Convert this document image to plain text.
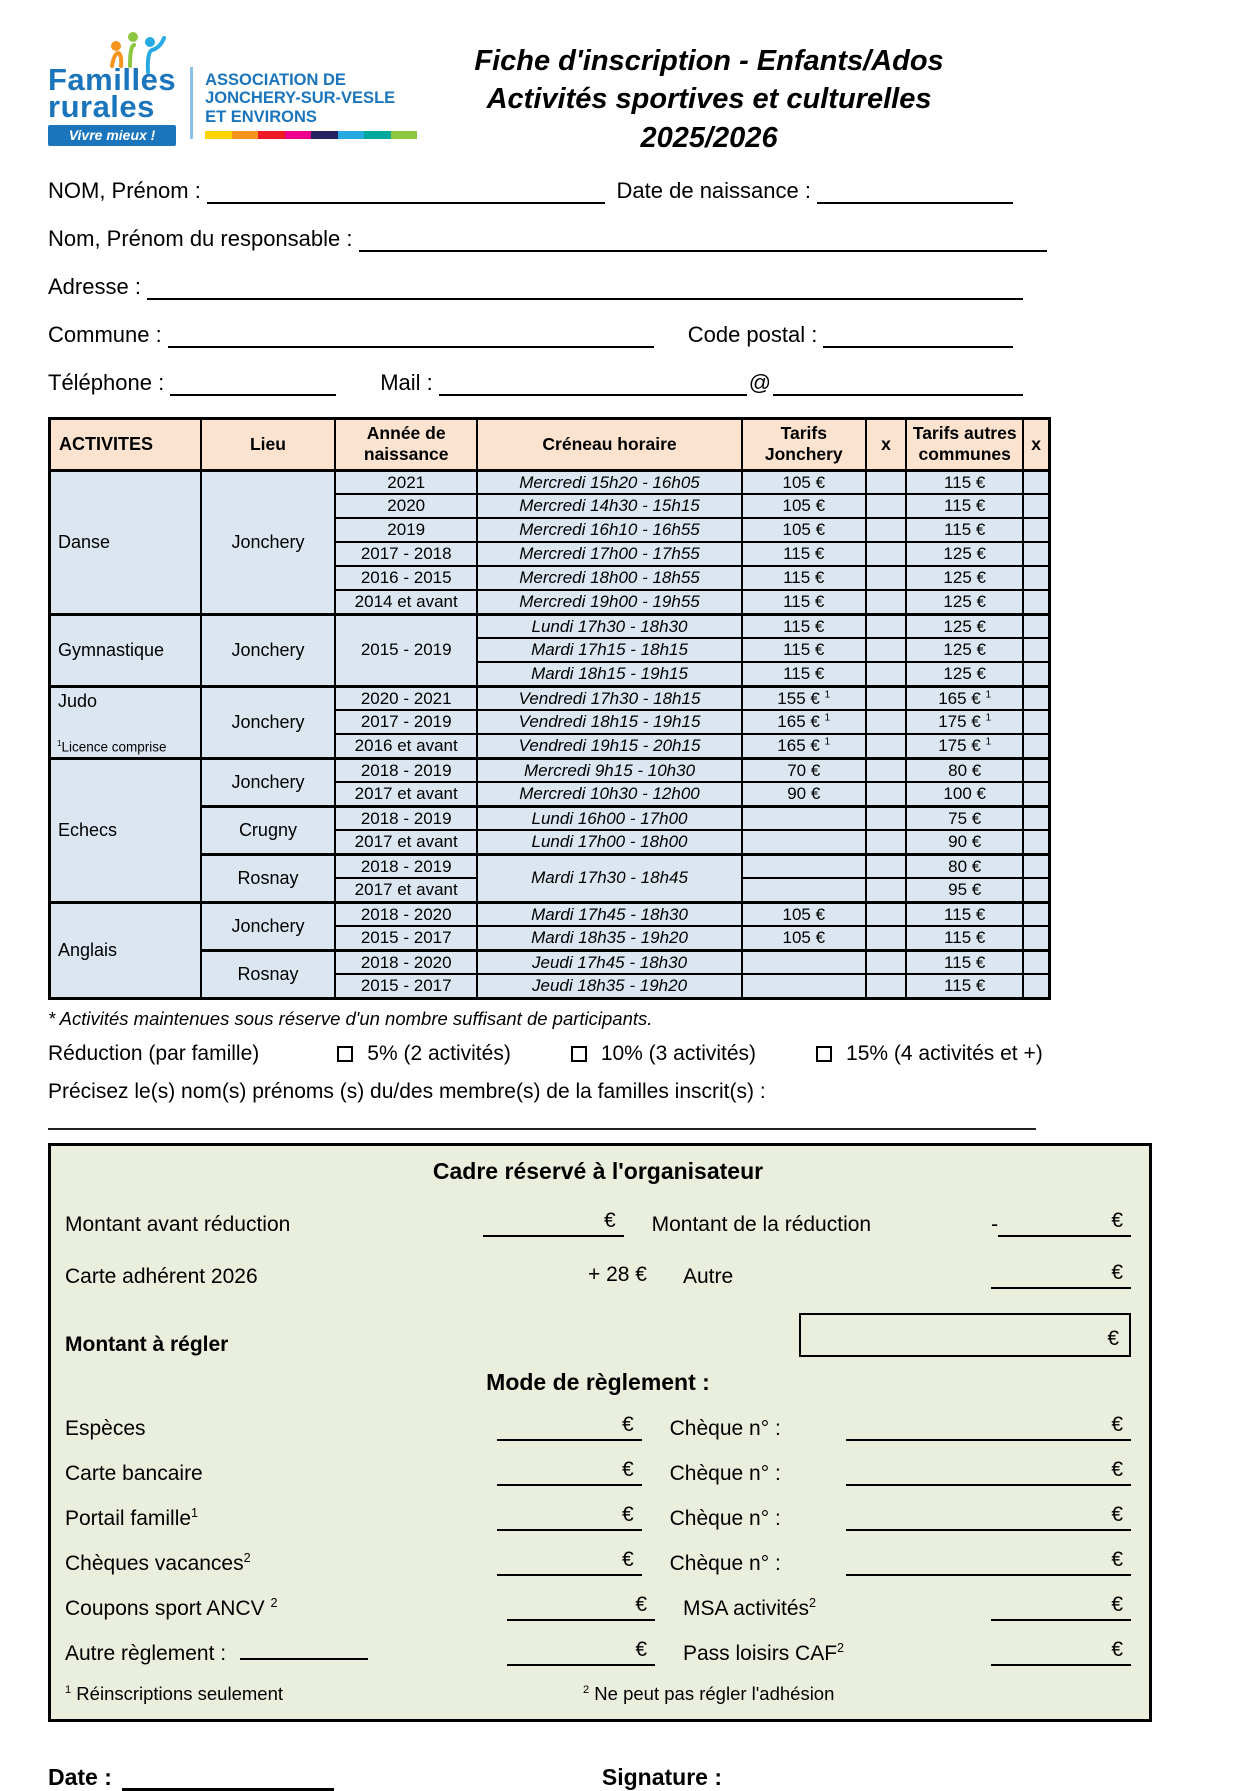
Familles
rurales
Vivre mieux !
ASSOCIATION DE
JONCHERY-SUR-VESLE
ET ENVIRONS
Fiche d'inscription - Enfants/Ados
Activités sportives et culturelles 2025/2026
NOM, Prénom :	Date de naissance :
Nom, Prénom du responsable :
Adresse :
Commune :	Code postal :
Téléphone :	Mail :	@
ACTIVITES	Lieu	Année de naissance	Créneau horaire	Tarifs Jonchery	x	Tarifs autres communes	x
Danse	Jonchery	2021	Mercredi 15h20 - 16h05	105 €		115 €	
		2020	Mercredi 14h30 - 15h15	105 €		115 €	
		2019	Mercredi 16h10 - 16h55	105 €		115 €	
		2017 - 2018	Mercredi 17h00 - 17h55	115 €		125 €	
		2016 - 2015	Mercredi 18h00 - 18h55	115 €		125 €	
		2014 et avant	Mercredi 19h00 - 19h55	115 €		125 €	
Gymnastique	Jonchery	2015 - 2019	Lundi 17h30 - 18h30	115 €		125 €	
			Mardi 17h15 - 18h15	115 €		125 €	
			Mardi 18h15 - 19h15	115 €		125 €	
Judo
$^1$Licence comprise	Jonchery	2020 - 2021	Vendredi 17h30 - 18h15	155 € $^1$		165 € $^1$	
		2017 - 2019	Vendredi 18h15 - 19h15	165 € $^1$		175 € $^1$	
		2016 et avant	Vendredi 19h15 - 20h15	165 € $^1$		175 € $^1$	
Echecs	Jonchery	2018 - 2019	Mercredi 9h15 - 10h30	70 €		80 €	
		2017 et avant	Mercredi 10h30 - 12h00	90 €		100 €	
	Crugny	2018 - 2019	Lundi 16h00 - 17h00			75 €	
		2017 et avant	Lundi 17h00 - 18h00			90 €	
	Rosnay	2018 - 2019	Mardi 17h30 - 18h45			80 €	
		2017 et avant				95 €	
Anglais	Jonchery	2018 - 2020	Mardi 17h45 - 18h30	105 €		115 €	
		2015 - 2017	Mardi 18h35 - 19h20	105 €		115 €	
	Rosnay	2018 - 2020	Jeudi 17h45 - 18h30			115 €	
		2015 - 2017	Jeudi 18h35 - 19h20			115 €	
* Activités maintenues sous réserve d'un nombre suffisant de participants.
Réduction (par famille)	5% (2 activités)	10% (3 activités)	15% (4 activités et +)
Précisez le(s) nom(s) prénoms (s) du/des membre(s) de la familles inscrit(s) :
Cadre réservé à l'organisateur
Montant avant réduction	€	Montant de la réduction	-	€
Carte adhérent 2026	+ 28 €	Autre	€
Montant à régler	€
Mode de règlement :
Espèces	€	Chèque n° :	€
Carte bancaire	€	Chèque n° :	€
Portail famille$^1$	€	Chèque n° :	€
Chèques vacances$^2$	€	Chèque n° :	€
Coupons sport ANCV $^2$	€	MSA activités$^2$	€
Autre règlement :	€	Pass loisirs CAF$^2$	€
$^1$ Réinscriptions seulement	$^2$ Ne peut pas régler l'adhésion
Date :	Signature :
